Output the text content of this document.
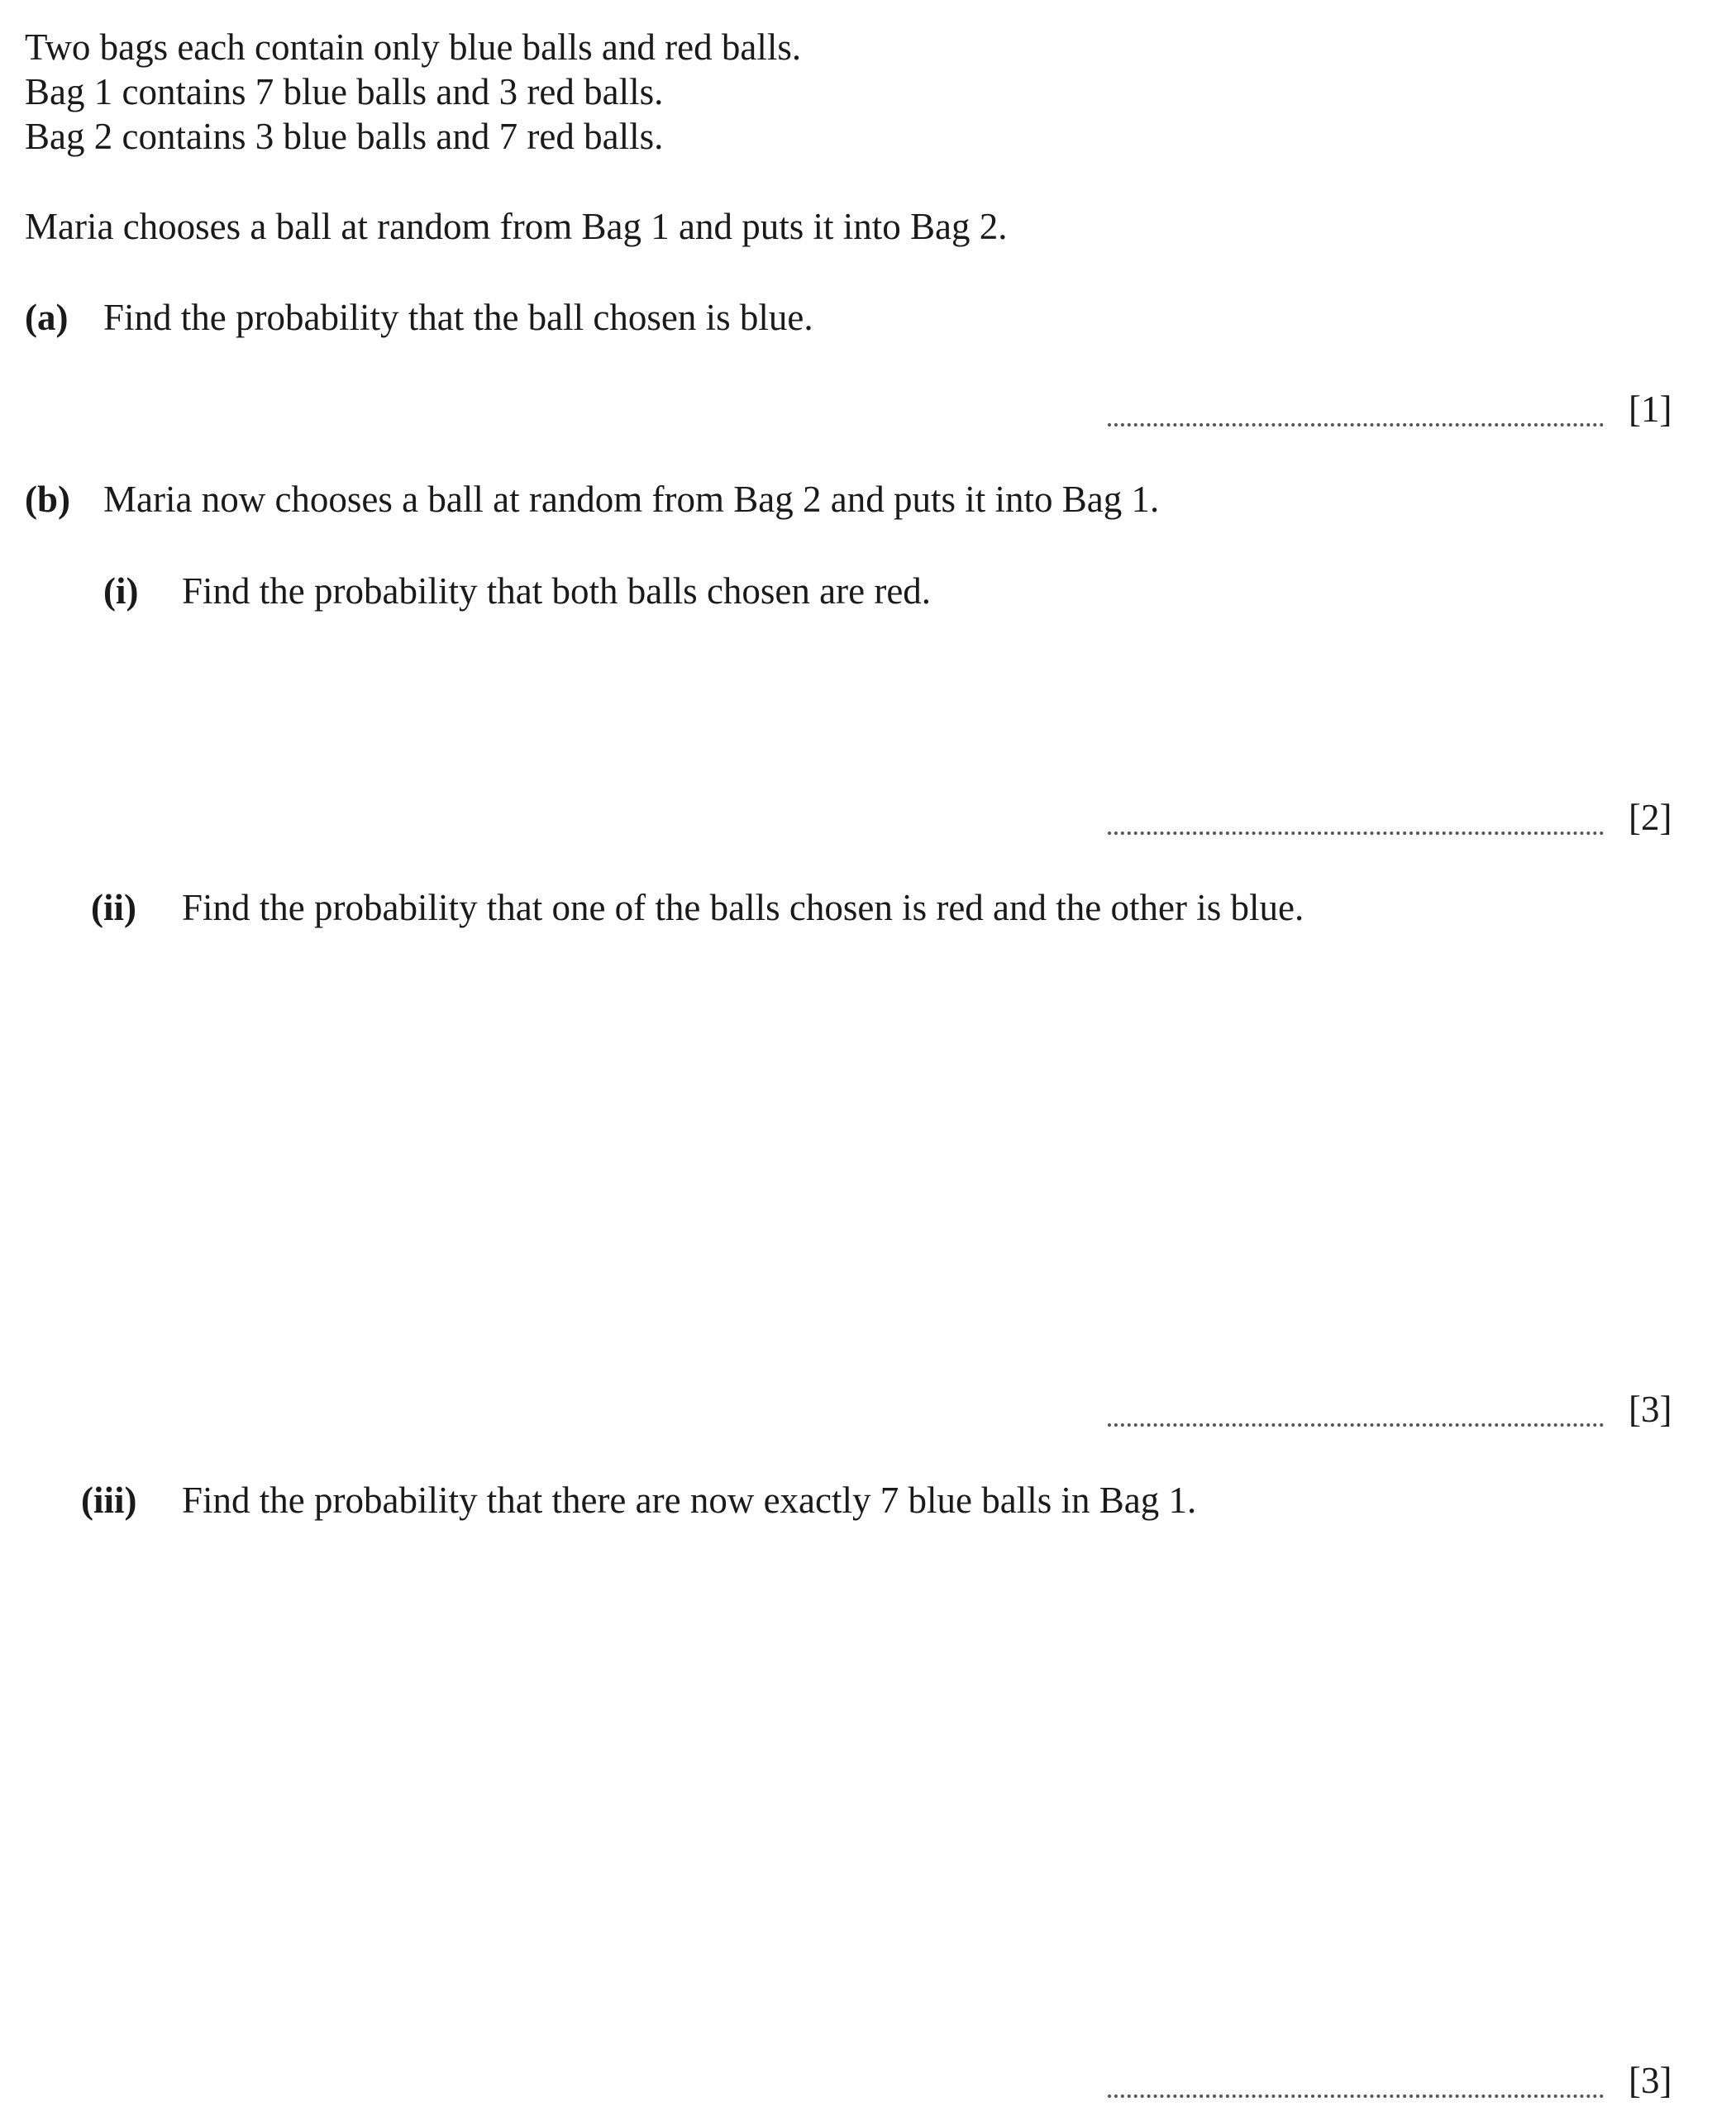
Two bags each contain only blue balls and red balls.
Bag 1 contains 7 blue balls and 3 red balls.
Bag 2 contains 3 blue balls and 7 red balls.
Maria chooses a ball at random from Bag 1 and puts it into Bag 2.
(a) Find the probability that the ball chosen is blue.
[1]
(b) Maria now chooses a ball at random from Bag 2 and puts it into Bag 1.
(i) Find the probability that both balls chosen are red.
[2]
(ii) Find the probability that one of the balls chosen is red and the other is blue.
[3]
(iii) Find the probability that there are now exactly 7 blue balls in Bag 1.
[3]
